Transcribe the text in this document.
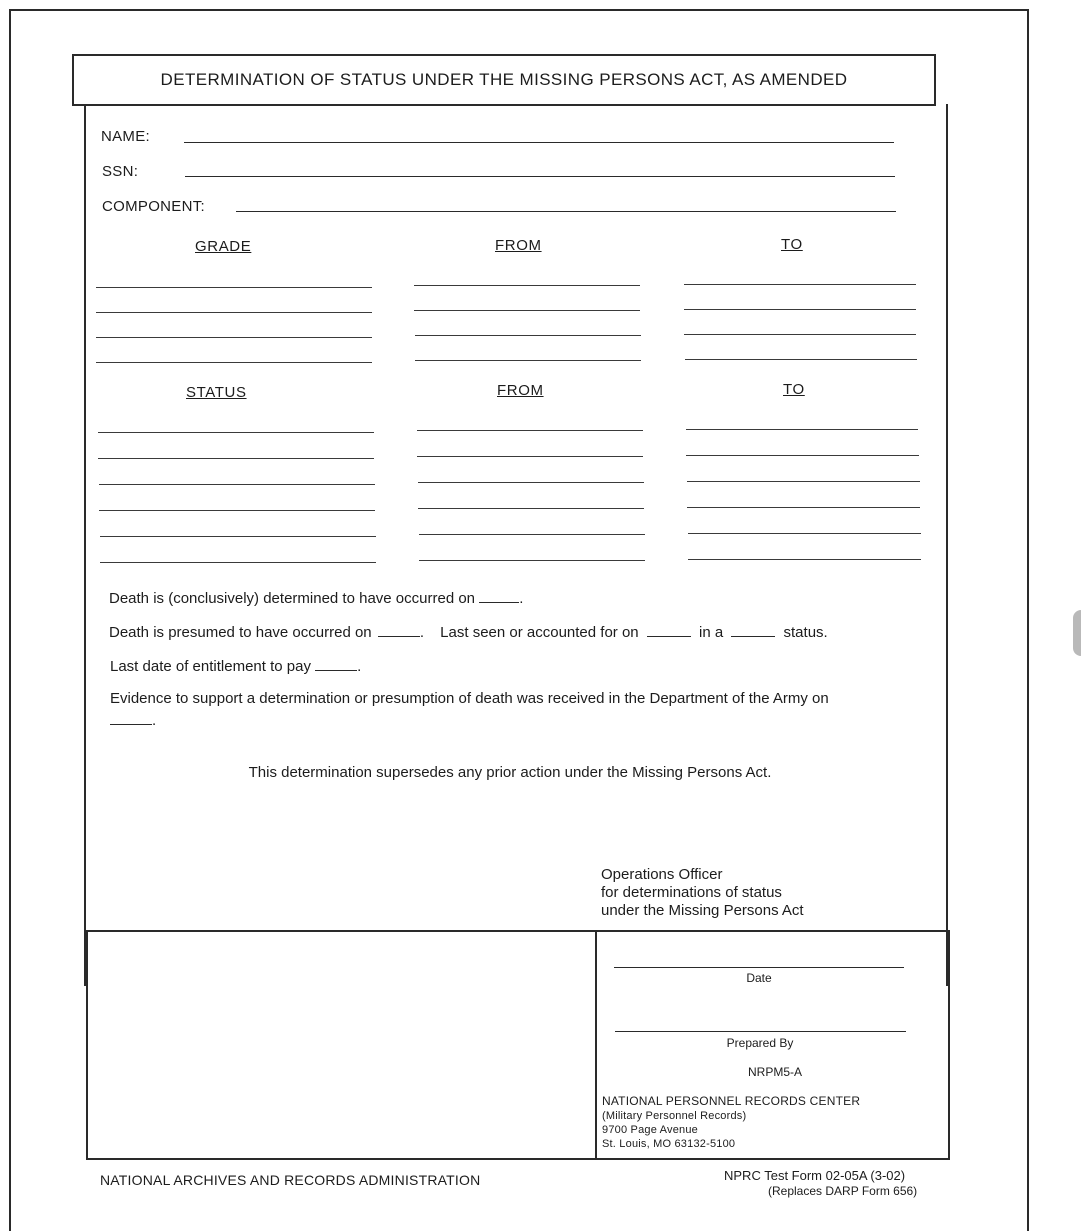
DETERMINATION OF STATUS UNDER THE MISSING PERSONS ACT, AS AMENDED
NAME:
SSN:
COMPONENT:
GRADE	FROM	TO
STATUS	FROM	TO
Death is (conclusively) determined to have occurred on	.
Death is presumed to have occurred on	. Last seen or accounted for on	in a	status.
Last date of entitlement to pay	.
Evidence to support a determination or presumption of death was received in the Department of the Army on
.
This determination supersedes any prior action under the Missing Persons Act.
Operations Officer
for determinations of status
under the Missing Persons Act
Date
Prepared By
NRPM5-A
NATIONAL PERSONNEL RECORDS CENTER
(Military Personnel Records)
9700 Page Avenue
St. Louis, MO 63132-5100
NATIONAL ARCHIVES AND RECORDS ADMINISTRATION	NPRC Test Form 02-05A (3-02)
(Replaces DARP Form 656)
